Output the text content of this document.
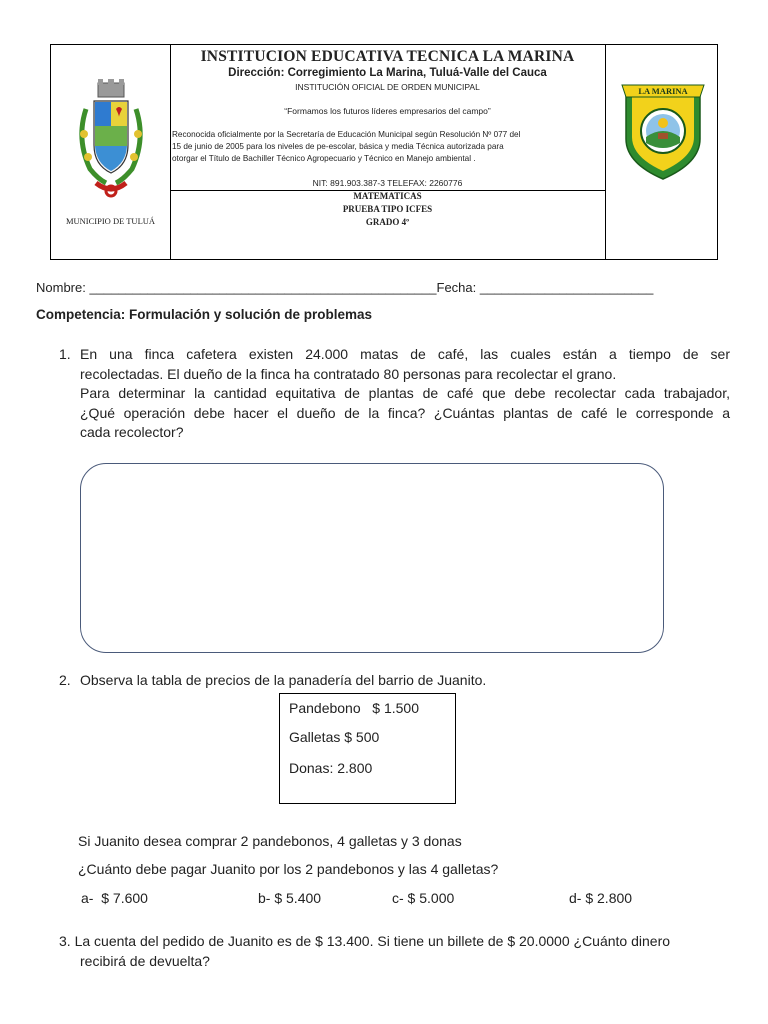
MUNICIPIO DE TULUÁ
INSTITUCION EDUCATIVA TECNICA LA MARINA
Dirección: Corregimiento La Marina, Tuluá-Valle del Cauca
INSTITUCIÓN OFICIAL DE ORDEN MUNICIPAL
“Formamos los futuros líderes empresarios del campo”
Reconocida oficialmente por la Secretaría de Educación Municipal según Resolución Nº 077 del
15 de junio de 2005 para los niveles de pe-escolar, básica y media Técnica autorizada para
otorgar el Título de Bachiller Técnico Agropecuario y Técnico en Manejo ambiental .
NIT: 891.903.387-3 TELEFAX: 2260776
MATEMATICAS
PRUEBA TIPO ICFES
GRADO 4º
LA MARINA
Nombre: ________________________________________________Fecha: ________________________
Competencia: Formulación y solución de problemas
1. En una finca cafetera existen 24.000 matas de café, las cuales están a tiempo de ser
recolectadas. El dueño de la finca ha contratado 80 personas para recolectar el grano.
Para determinar la cantidad equitativa de plantas de café que debe recolectar cada trabajador,
¿Qué operación debe hacer el dueño de la finca? ¿Cuántas plantas de café le corresponde a
cada recolector?
2. Observa la tabla de precios de la panadería del barrio de Juanito.
Pandebono   $ 1.500
Galletas $ 500
Donas: 2.800
Si Juanito desea comprar 2 pandebonos, 4 galletas y 3 donas
¿Cuánto debe pagar Juanito por los 2 pandebonos y las 4 galletas?
a-  $ 7.600	b- $ 5.400	c- $ 5.000	d- $ 2.800
3. La cuenta del pedido de Juanito es de $ 13.400. Si tiene un billete de $ 20.0000 ¿Cuánto dinero
recibirá de devuelta?
